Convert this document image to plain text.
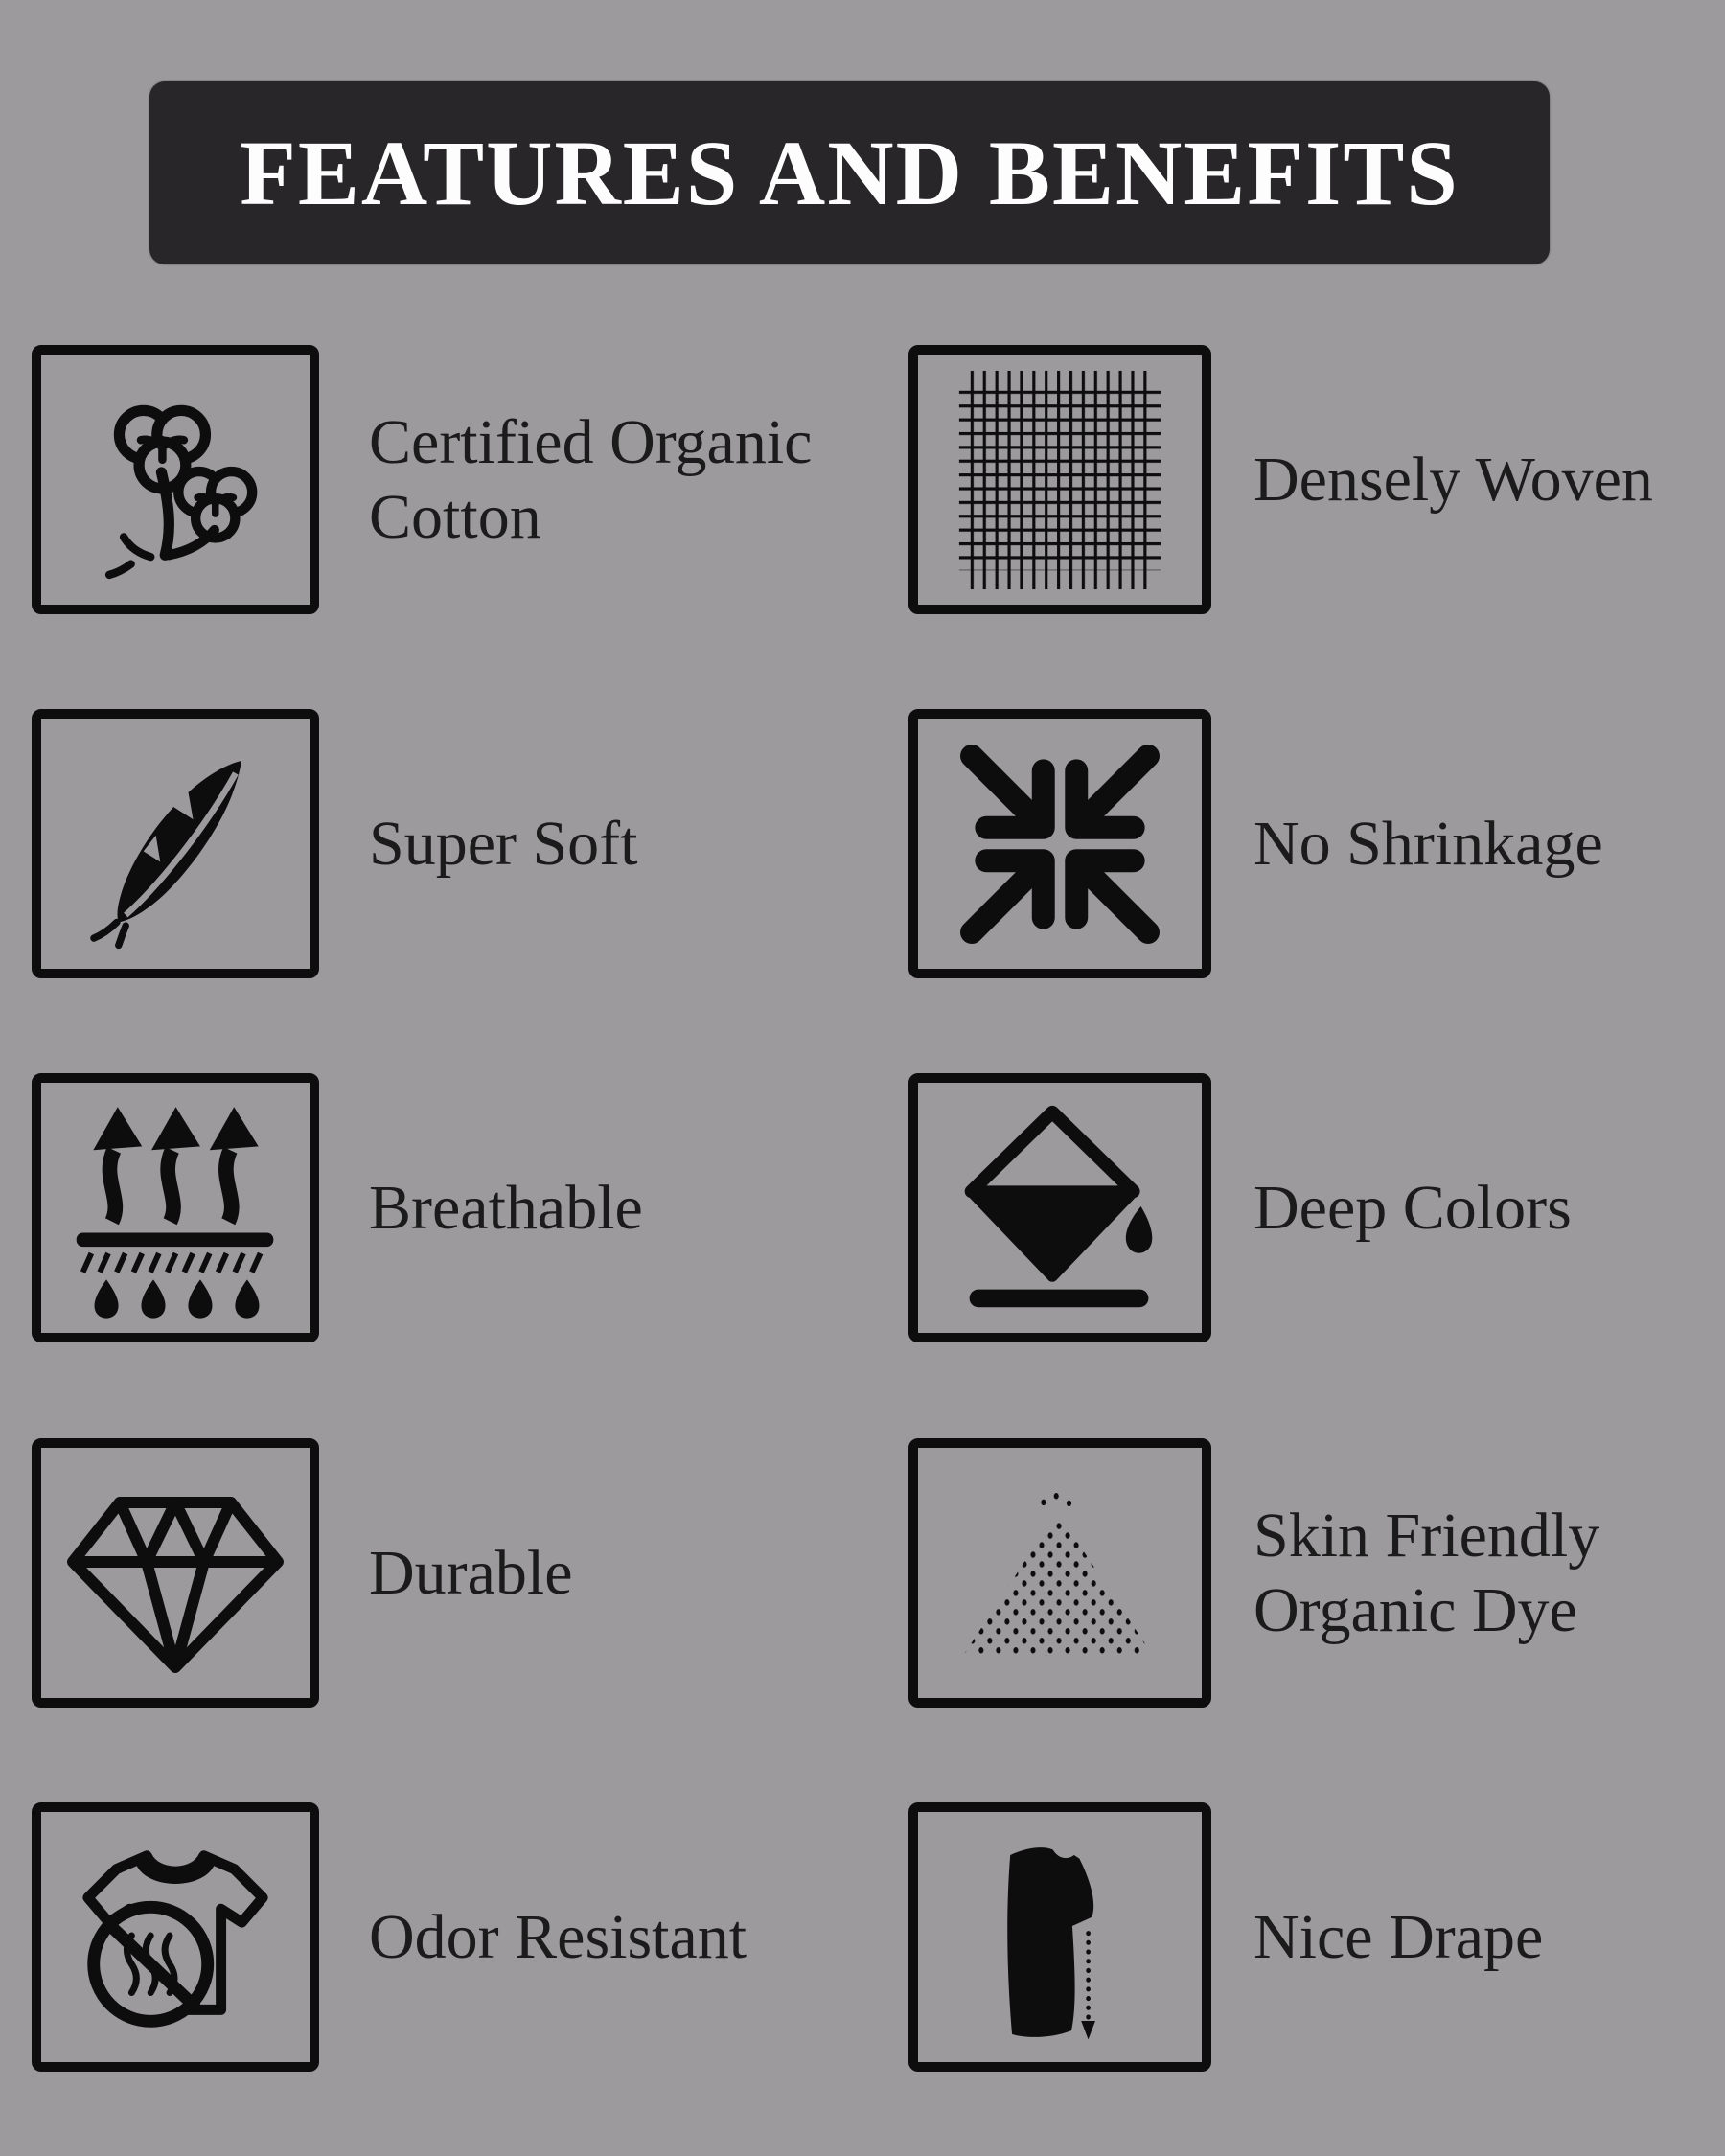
FEATURES AND BENEFITS
Certified Organic
Cotton
Super Soft
Breathable
Durable
Odor Resistant
Densely Woven
No Shrinkage
Deep Colors
Skin Friendly
Organic Dye
Nice Drape
